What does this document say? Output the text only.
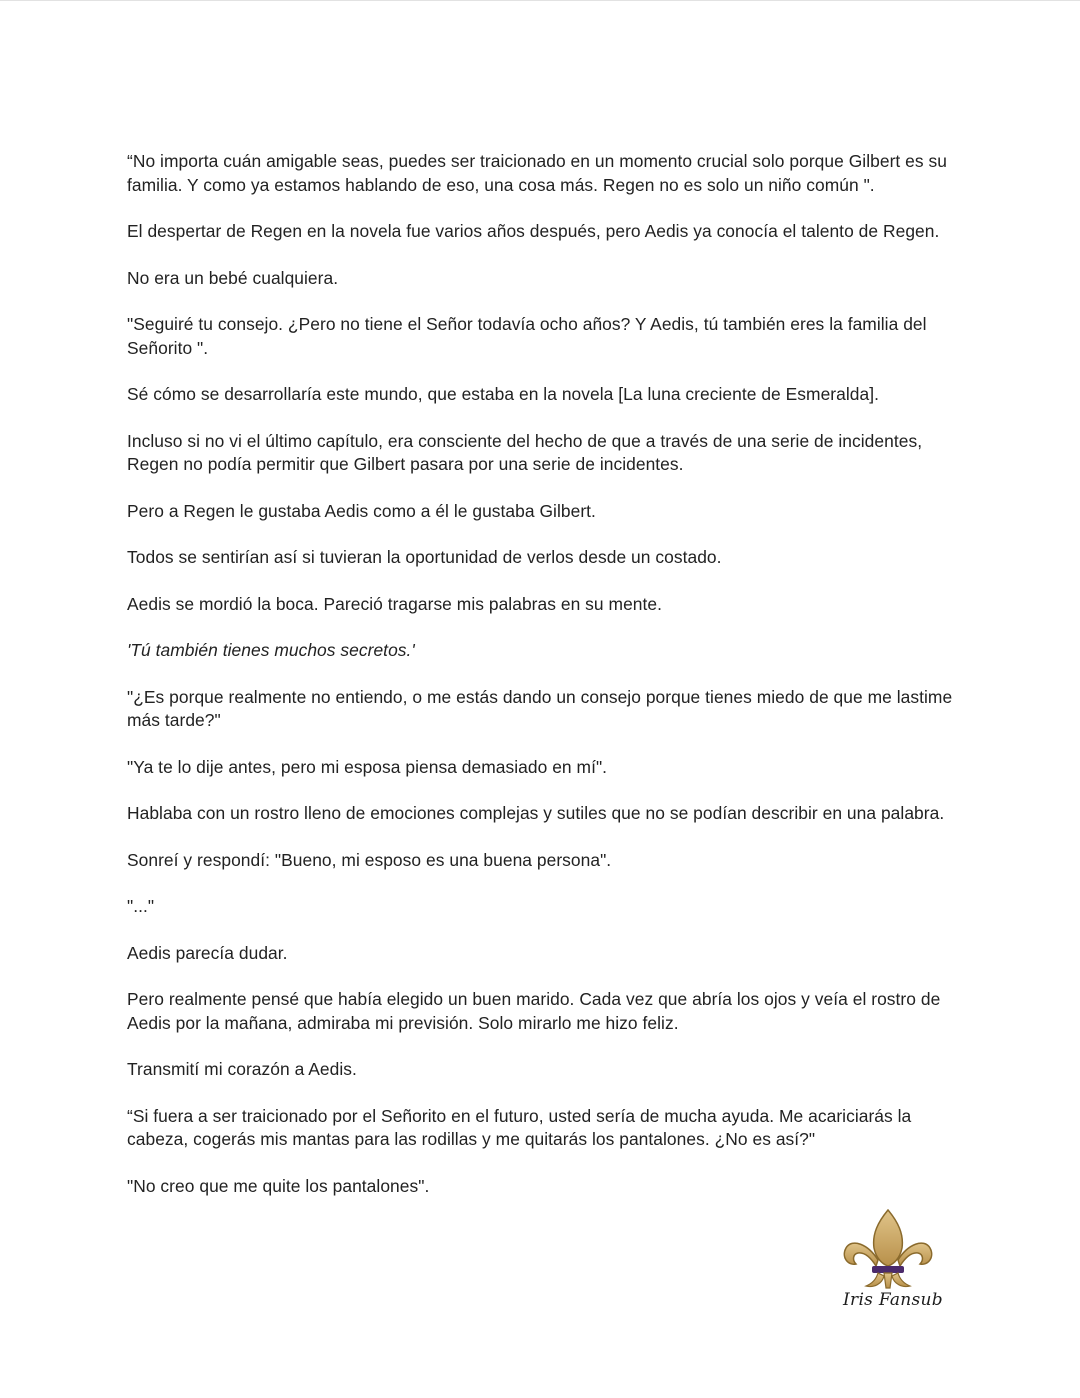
“No importa cuán amigable seas, puedes ser traicionado en un momento crucial solo porque Gilbert es su familia. Y como ya estamos hablando de eso, una cosa más. Regen no es solo un niño común ".

El despertar de Regen en la novela fue varios años después, pero Aedis ya conocía el talento de Regen.

No era un bebé cualquiera.

"Seguiré tu consejo. ¿Pero no tiene el Señor todavía ocho años? Y Aedis, tú también eres la familia del Señorito ".

Sé cómo se desarrollaría este mundo, que estaba en la novela [La luna creciente de Esmeralda].

Incluso si no vi el último capítulo, era consciente del hecho de que a través de una serie de incidentes, Regen no podía permitir que Gilbert pasara por una serie de incidentes.

Pero a Regen le gustaba Aedis como a él le gustaba Gilbert.

Todos se sentirían así si tuvieran la oportunidad de verlos desde un costado.

Aedis se mordió la boca. Pareció tragarse mis palabras en su mente.

'Tú también tienes muchos secretos.'

"¿Es porque realmente no entiendo, o me estás dando un consejo porque tienes miedo de que me lastime más tarde?"

"Ya te lo dije antes, pero mi esposa piensa demasiado en mí".

Hablaba con un rostro lleno de emociones complejas y sutiles que no se podían describir en una palabra.

Sonreí y respondí: "Bueno, mi esposo es una buena persona".

"..."

Aedis parecía dudar.

Pero realmente pensé que había elegido un buen marido. Cada vez que abría los ojos y veía el rostro de Aedis por la mañana, admiraba mi previsión. Solo mirarlo me hizo feliz.

Transmití mi corazón a Aedis.

“Si fuera a ser traicionado por el Señorito en el futuro, usted sería de mucha ayuda. Me acariciarás la cabeza, cogerás mis mantas para las rodillas y me quitarás los pantalones. ¿No es así?"

"No creo que me quite los pantalones".

Iris Fansub
